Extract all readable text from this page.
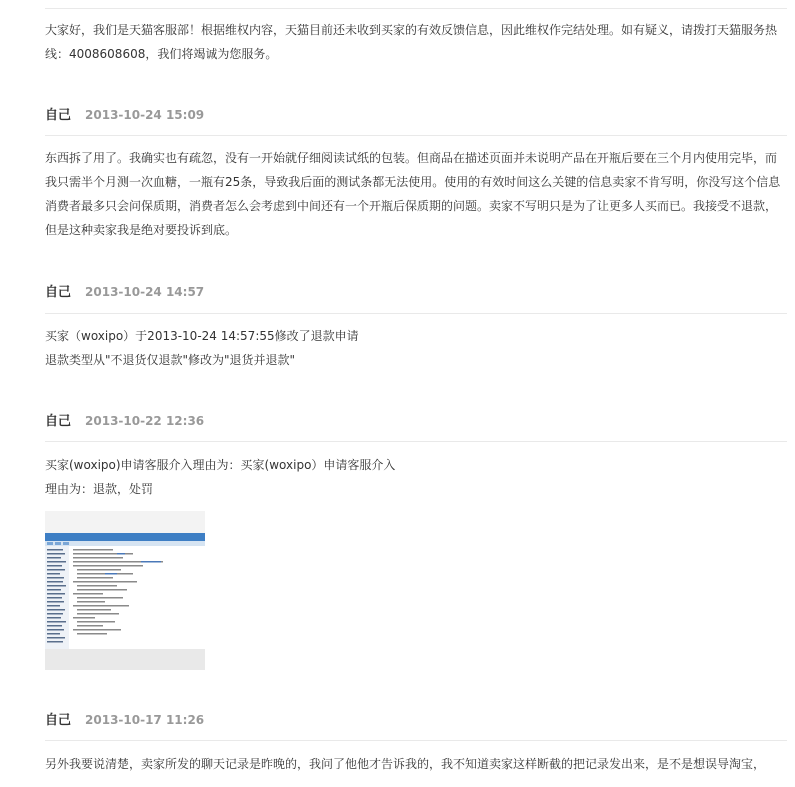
大家好，我们是天猫客服部！根据维权内容，天猫目前还未收到买家的有效反馈信息，因此维权作完结处理。如有疑义，请拨打天猫服务热线：4008608608，我们将竭诚为您服务。
自己 2013-10-24 15:09
东西拆了用了。我确实也有疏忽，没有一开始就仔细阅读试纸的包装。但商品在描述页面并未说明产品在开瓶后要在三个月内使用完毕，而我只需半个月测一次血糖，一瓶有25条，导致我后面的测试条都无法使用。使用的有效时间这么关键的信息卖家不肯写明，你没写这个信息消费者最多只会问保质期，消费者怎么会考虑到中间还有一个开瓶后保质期的问题。卖家不写明只是为了让更多人买而已。我接受不退款，但是这种卖家我是绝对要投诉到底。
自己 2013-10-24 14:57
买家（woxipo）于2013-10-24 14:57:55修改了退款申请
退款类型从"不退货仅退款"修改为"退货并退款"
自己 2013-10-22 12:36
买家(woxipo)申请客服介入理由为：买家(woxipo）申请客服介入
理由为：退款，处罚
自己 2013-10-17 11:26
另外我要说清楚，卖家所发的聊天记录是昨晚的，我问了他他才告诉我的，我不知道卖家这样断截的把记录发出来，是不是想误导淘宝，
